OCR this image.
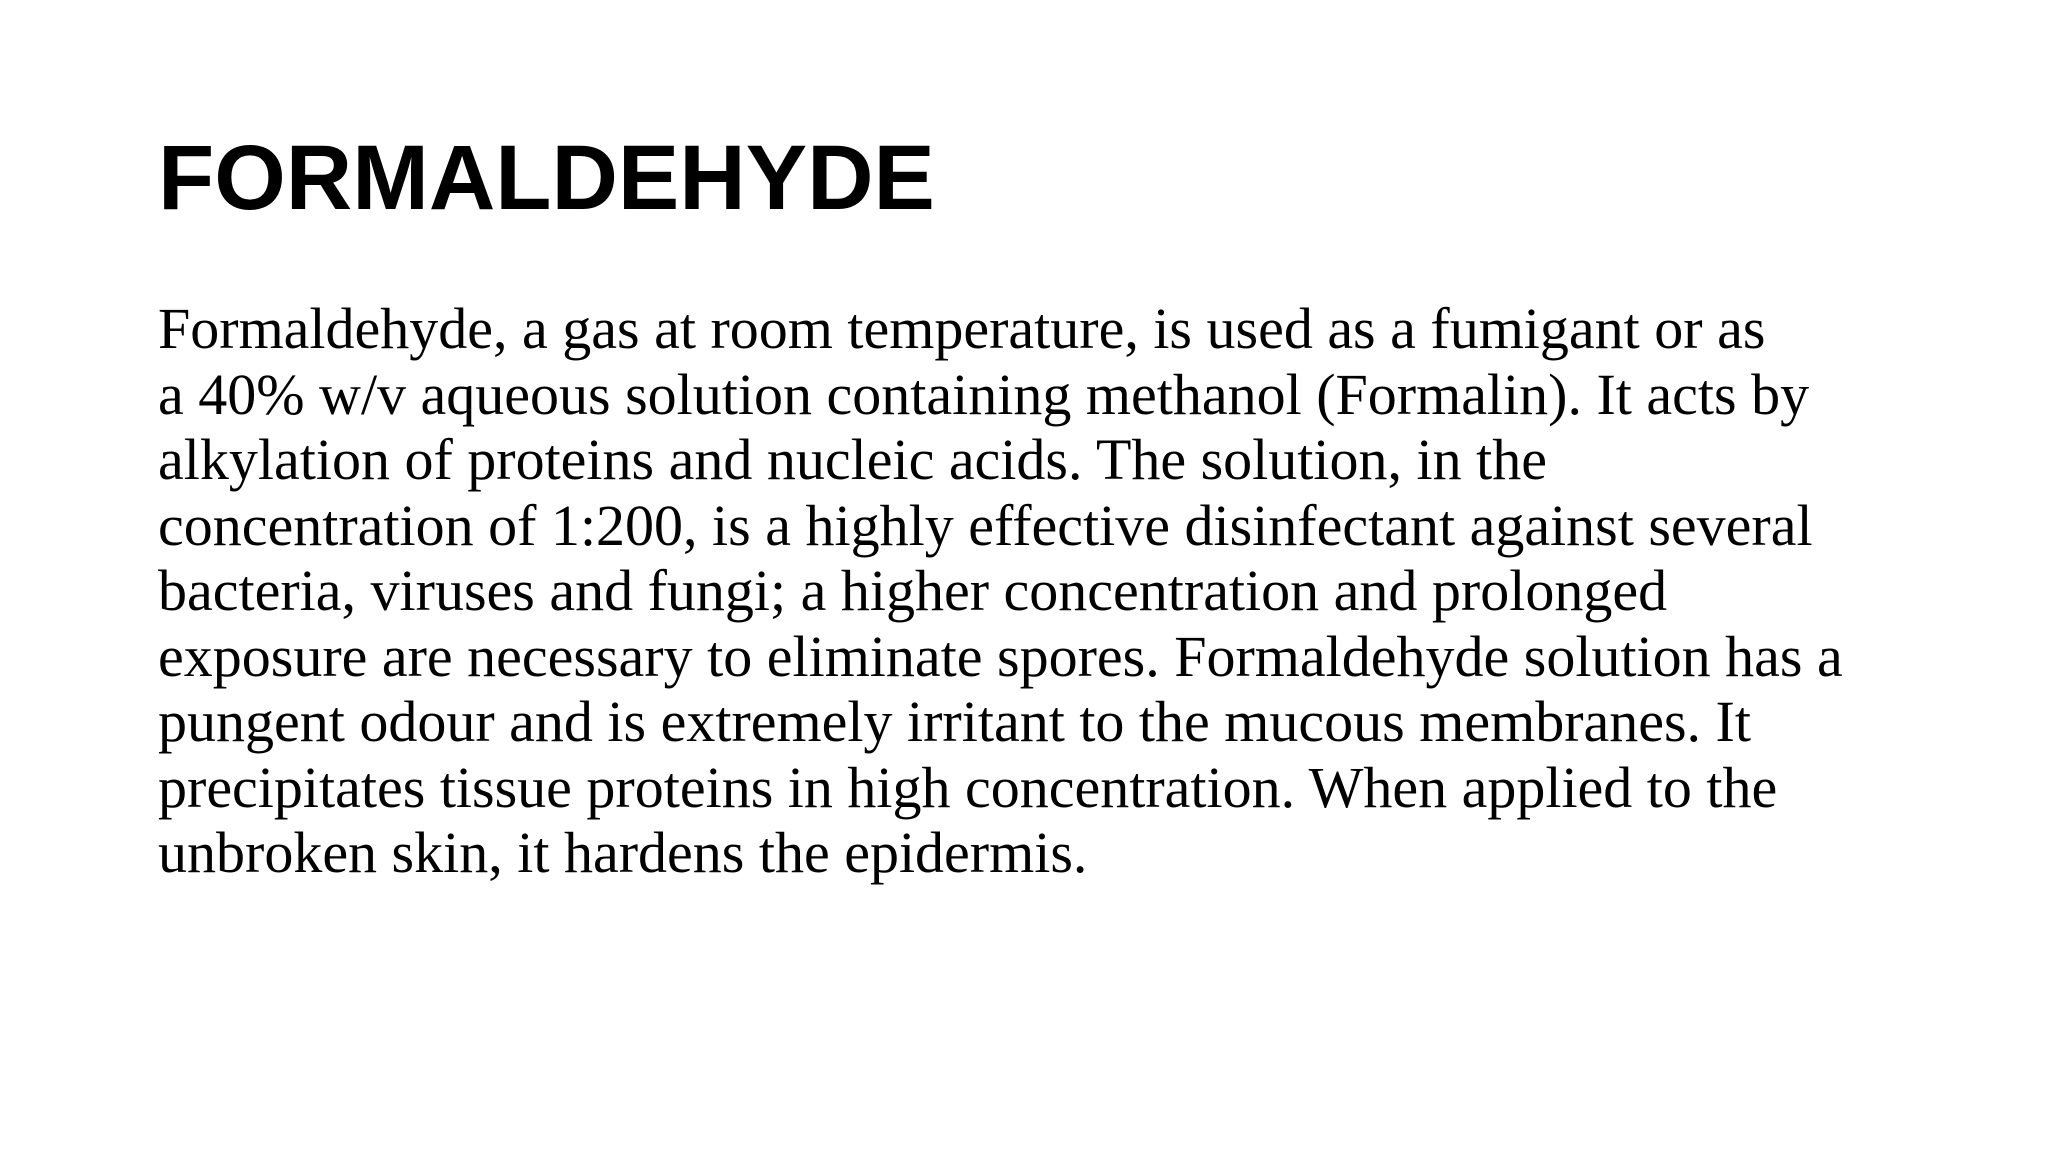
FORMALDEHYDE
Formaldehyde, a gas at room temperature, is used as a fumigant or as
a 40% w/v aqueous solution containing methanol (Formalin). It acts by
alkylation of proteins and nucleic acids. The solution, in the
concentration of 1:200, is a highly effective disinfectant against several
bacteria, viruses and fungi; a higher concentration and prolonged
exposure are necessary to eliminate spores. Formaldehyde solution has a
pungent odour and is extremely irritant to the mucous membranes. It
precipitates tissue proteins in high concentration. When applied to the
unbroken skin, it hardens the epidermis.
